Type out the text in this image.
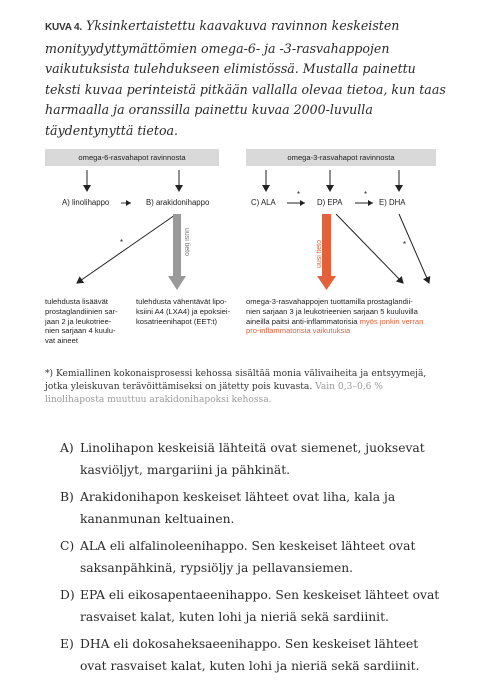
KUVA 4. Yksinkertaistettu kaavakuva ravinnon keskeisten monityydyttymättömien omega-6- ja -3-rasvahappojen vaikutuksista tulehdukseen elimistössä. Mustalla painettu teksti kuvaa perinteistä pitkään vallalla olevaa tietoa, kun taas harmaalla ja oranssilla painettu kuvaa 2000-luvulla täydentynyttä tietoa.
omega-6-rasvahapot ravinnosta	omega-3-rasvahapot ravinnosta
*
*	*
*
A) linolihappo	B) arakidonihappo	C) ALA	D) EPA	E) DHA
uusi tieto	uusi tieto
tulehdusta lisäävät
prostaglandiinien sar-
jaan 2 ja leukotriee-
nien sarjaan 4 kuulu-
vat aineet
tulehdusta vähentävät lipo-
ksiini A4 (LXA4) ja epoksiei-
kosatrieenihapot (EET:t)
omega-3-rasvahappojen tuottamilla prostaglandii-
nien sarjaan 3 ja leukotrieenien sarjaan 5 kuuluvilla
aineilla paitsi anti-inflammatorisia myös jonkin verran
pro-inflammatorisia vaikutuksia
*) Kemiallinen kokonaisprosessi kehossa sisältää monia välivaiheita ja entsyymejä, jotka yleiskuvan terävöittämiseksi on jätetty pois kuvasta. Vain 0,3–0,6 % linolihaposta muuttuu arakidonihapoksi kehossa.
A) Linolihapon keskeisiä lähteitä ovat siemenet, juoksevat kasviöljyt, margariini ja pähkinät.
B) Arakidonihapon keskeiset lähteet ovat liha, kala ja kananmunan keltuainen.
C) ALA eli alfalinoleenihappo. Sen keskeiset lähteet ovat saksanpähkinä, rypsiöljy ja pellavansiemen.
D) EPA eli eikosapentaeenihappo. Sen keskeiset lähteet ovat rasvaiset kalat, kuten lohi ja nieriä sekä sardiinit.
E) DHA eli dokosaheksaeenihappo. Sen keskeiset lähteet ovat rasvaiset kalat, kuten lohi ja nieriä sekä sardiinit.
